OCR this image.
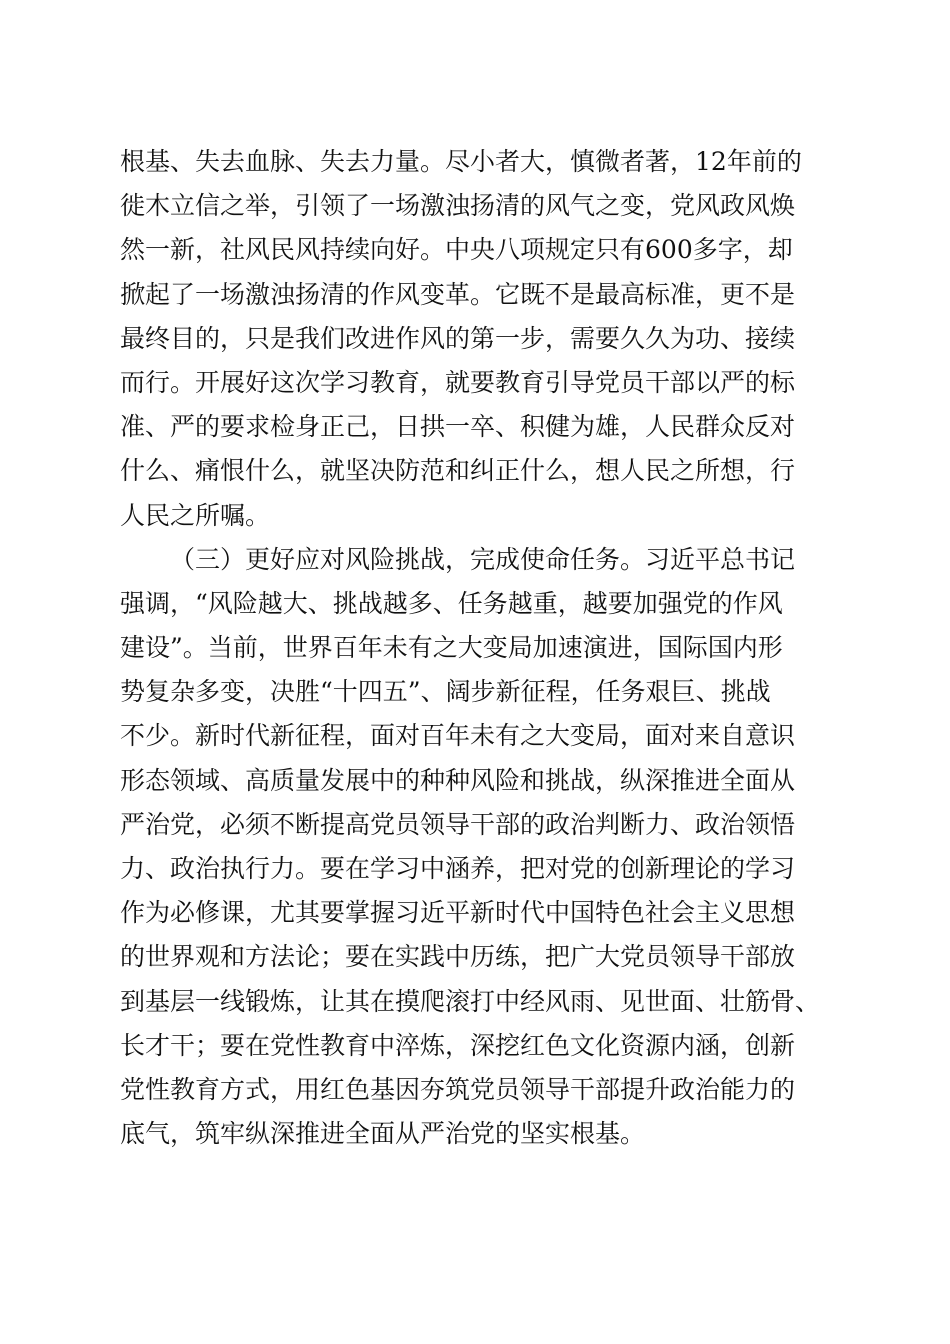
根基、失去血脉、失去力量。尽小者大，慎微者著，12年前的
徙木立信之举，引领了一场激浊扬清的风气之变，党风政风焕
然一新，社风民风持续向好。中央八项规定只有600多字，却
掀起了一场激浊扬清的作风变革。它既不是最高标准，更不是
最终目的，只是我们改进作风的第一步，需要久久为功、接续
而行。开展好这次学习教育，就要教育引导党员干部以严的标
准、严的要求检身正己，日拱一卒、积健为雄，人民群众反对
什么、痛恨什么，就坚决防范和纠正什么，想人民之所想，行
人民之所嘱。
（三）更好应对风险挑战，完成使命任务。习近平总书记
强调，“风险越大、挑战越多、任务越重，越要加强党的作风
建设”。当前，世界百年未有之大变局加速演进，国际国内形
势复杂多变，决胜“十四五”、阔步新征程，任务艰巨、挑战
不少。新时代新征程，面对百年未有之大变局，面对来自意识
形态领域、高质量发展中的种种风险和挑战，纵深推进全面从
严治党，必须不断提高党员领导干部的政治判断力、政治领悟
力、政治执行力。要在学习中涵养，把对党的创新理论的学习
作为必修课，尤其要掌握习近平新时代中国特色社会主义思想
的世界观和方法论；要在实践中历练，把广大党员领导干部放
到基层一线锻炼，让其在摸爬滚打中经风雨、见世面、壮筋骨、
长才干；要在党性教育中淬炼，深挖红色文化资源内涵，创新
党性教育方式，用红色基因夯筑党员领导干部提升政治能力的
底气，筑牢纵深推进全面从严治党的坚实根基。
